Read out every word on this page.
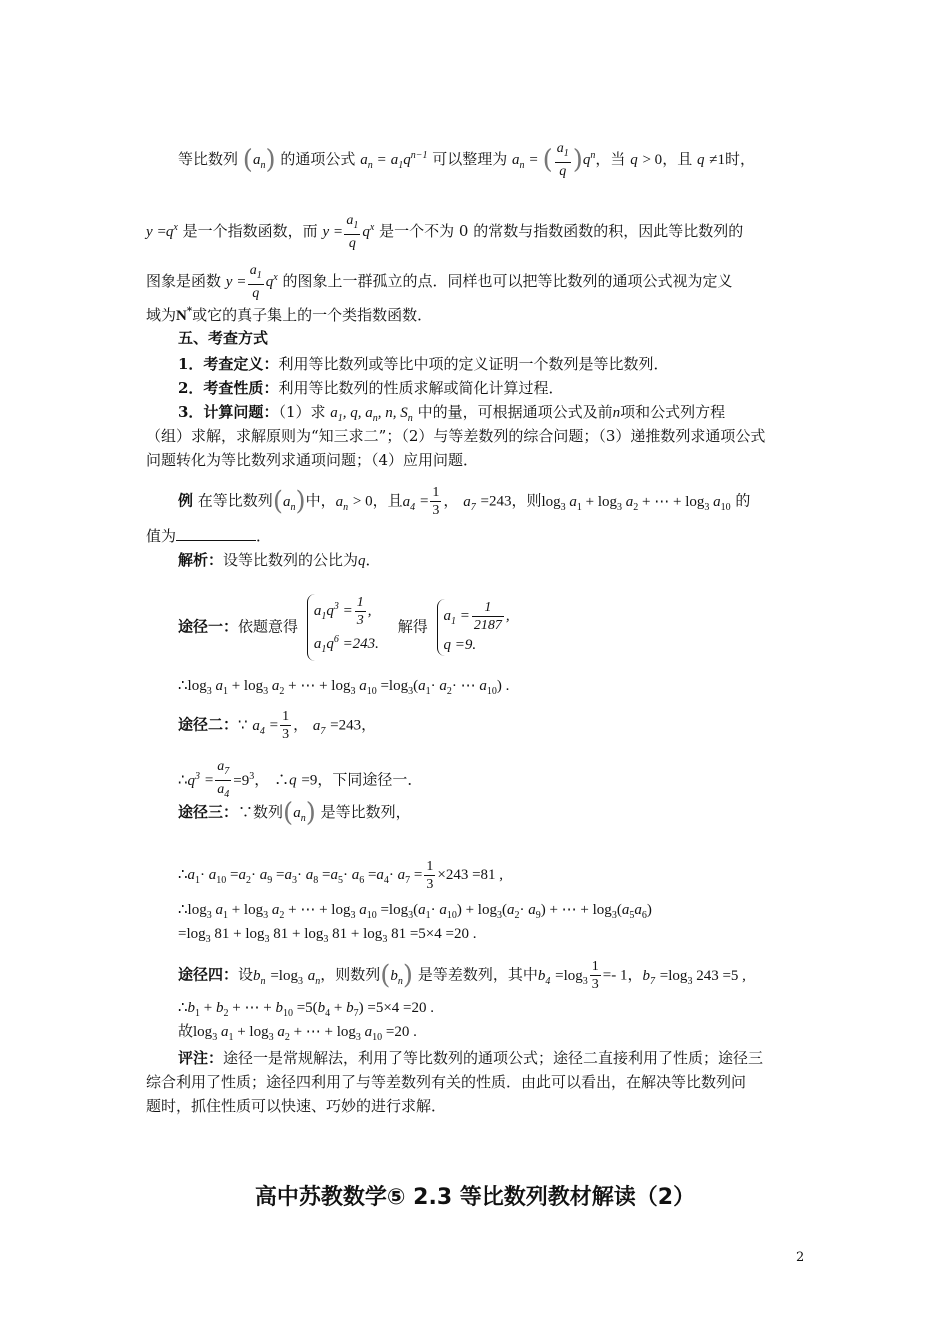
等比数列 $(a_n)$ 的通项公式 $a_n = a_1q^{n-1}$ 可以整理为 $a_n$ = ( $\frac{a_1}{q} )q^n$，当 q > 0，且 q ≠1时，
$y =q^x$ 是一个指数函数，而 $y = \frac{a_1}{q} q^x$ 是一个不为 0 的常数与指数函数的积，因此等比数列的
图象是函数 $y = \frac{a_1}{q} q^x$ 的图象上一群孤立的点．同样也可以把等比数列的通项公式视为定义
域为N*或它的真子集上的一个类指数函数．
五、考查方式
1．考查定义：利用等比数列或等比中项的定义证明一个数列是等比数列．
2．考查性质：利用等比数列的性质求解或简化计算过程．
3．计算问题：（1）求 $a_1$, q, $a_n$, n, $S_n$ 中的量，可根据通项公式及前n项和公式列方程
（组）求解，求解原则为“知三求二”；（2）与等差数列的综合问题；（3）递推数列求通项公式
问题转化为等比数列求通项问题；（4）应用问题．
例 在等比数列$(a_n)$中，$a_n > 0$，且$a_4 = \frac{1}{3}$ ， $a_7 =243$，则$\log_3 a_1 + \log_3 a_2$ + ⋯ + $\log_3 a_{10}$ 的
值为	．
解析：设等比数列的公比为q．
途径一：依题意得
$a_1q^3 = \frac{1}{3}$ ,
$a_1q^6 =243$.
解得
$a_1 = \frac{1}{2187}$ ,
q =9.
$\therefore\log_3$ $a_1 + \log_3 a_2$ + ⋯ + $\log_3 a_{10} =\log_3(a_1\cdot a_2\cdot$ ⋯ $a_{10}$) .
途径二：∵ $a_4 = \frac{1}{3}$ ， $a_7 =243$，
$\therefore q^3 = \frac{a_7}{a_4} =9^3$， ∴q =9，下同途径一．
途径三：∵数列$(a_n)$ 是等比数列，
$\therefore a_1\cdot a_{10} =a_2\cdot a_9 =a_3\cdot a_8 =a_5\cdot a_6 =a_4\cdot a_7 = \frac{1}{3} \times 243 =81$ ,
$\therefore\log_3$ $a_1 + \log_3 a_2$ + ⋯ + $\log_3 a_{10} =\log_3(a_1\cdot a_{10}) + \log_3(a_2\cdot a_9)$ + ⋯ + $\log_3(a_5a_6)$
$=\log_3$ $81 + \log_3 81 + \log_3 81 + \log_3 81 =5\times 4 =20$ .
途径四：设$b_n =\log_3$ $a_n$，则数列$(b_n)$ 是等差数列，其中$b_4 =\log_3 \frac{1}{3} =- 1$，$b_7 =\log_3$ 243 =5 ,
$\therefore b_1 + b_2$ + ⋯ + $b_{10} =5(b_4 + b_7) =5\times 4 =20$ .
故$\log_3 a_1 + \log_3 a_2$ + ⋯ + $\log_3 a_{10} =20$ .
评注：途径一是常规解法，利用了等比数列的通项公式；途径二直接利用了性质；途径三
综合利用了性质；途径四利用了与等差数列有关的性质．由此可以看出，在解决等比数列问
题时，抓住性质可以快速、巧妙的进行求解．
高中苏教数学⑤ 2.3 等比数列教材解读（2）
2
